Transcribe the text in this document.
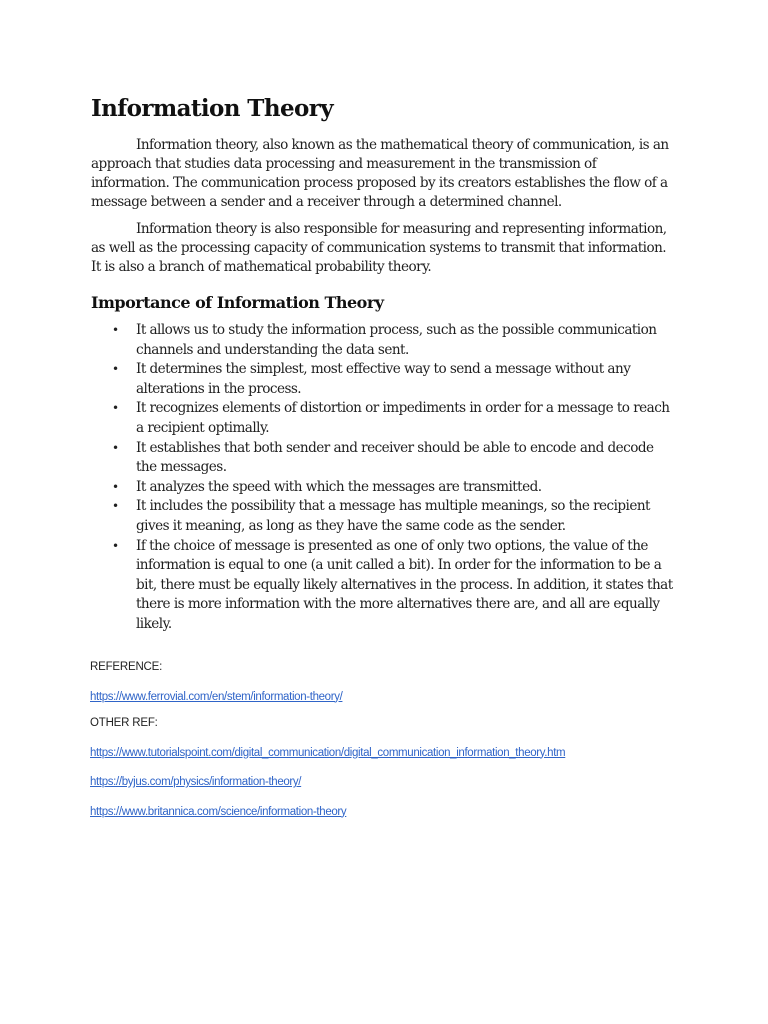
Information Theory

Information theory, also known as the mathematical theory of communication, is an approach that studies data processing and measurement in the transmission of information. The communication process proposed by its creators establishes the flow of a message between a sender and a receiver through a determined channel.

Information theory is also responsible for measuring and representing information, as well as the processing capacity of communication systems to transmit that information. It is also a branch of mathematical probability theory.

Importance of Information Theory
• It allows us to study the information process, such as the possible communication channels and understanding the data sent.
• It determines the simplest, most effective way to send a message without any alterations in the process.
• It recognizes elements of distortion or impediments in order for a message to reach a recipient optimally.
• It establishes that both sender and receiver should be able to encode and decode the messages.
• It analyzes the speed with which the messages are transmitted.
• It includes the possibility that a message has multiple meanings, so the recipient gives it meaning, as long as they have the same code as the sender.
• If the choice of message is presented as one of only two options, the value of the information is equal to one (a unit called a bit). In order for the information to be a bit, there must be equally likely alternatives in the process. In addition, it states that there is more information with the more alternatives there are, and all are equally likely.

REFERENCE:

https://www.ferrovial.com/en/stem/information-theory/

OTHER REF:

https://www.tutorialspoint.com/digital_communication/digital_communication_information_theory.htm
https://byjus.com/physics/information-theory/
https://www.britannica.com/science/information-theory
